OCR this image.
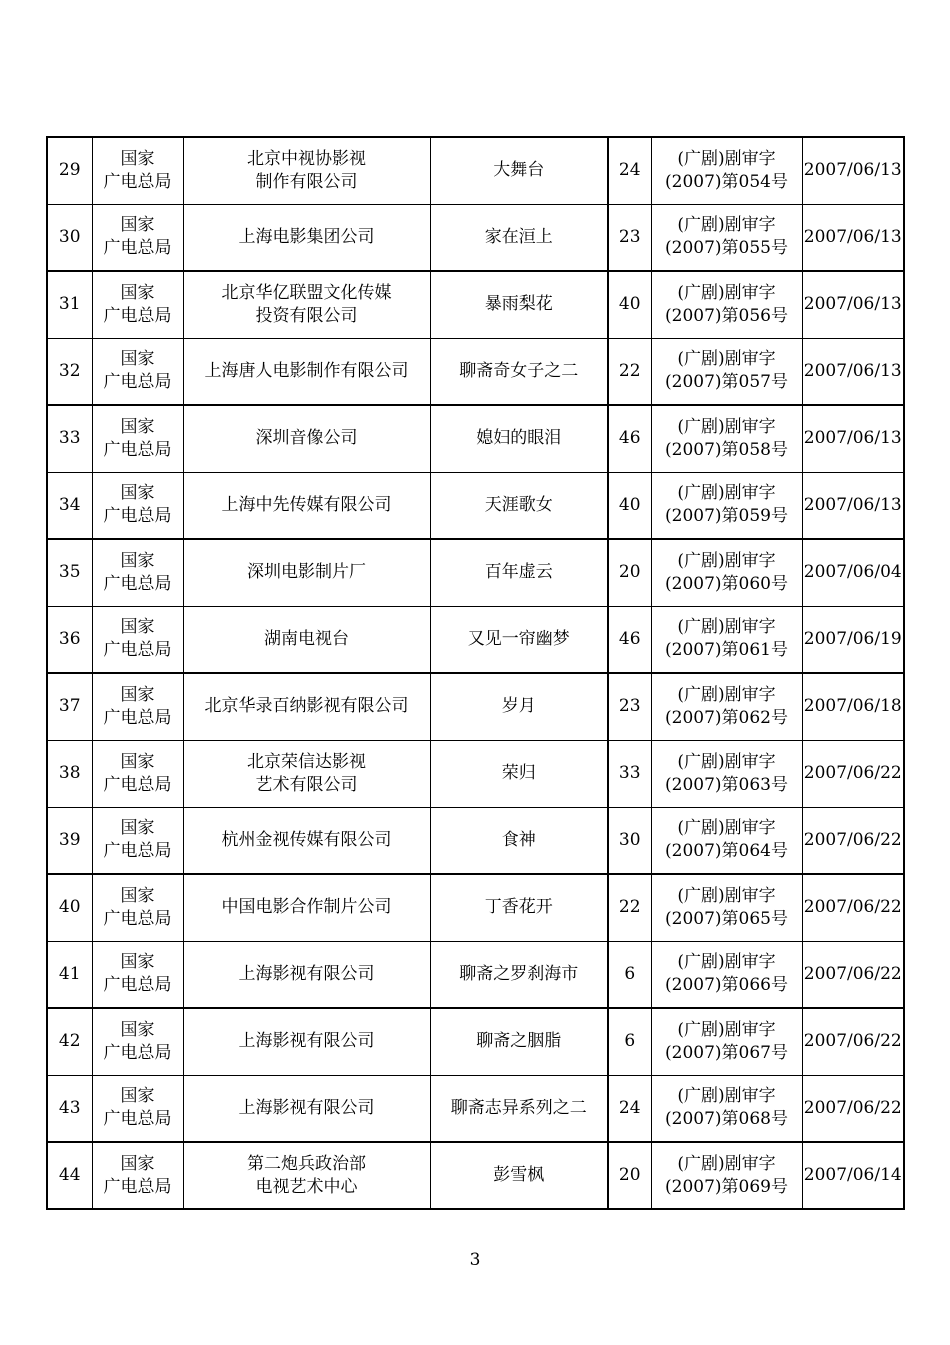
29	国家
广电总局	北京中视协影视
制作有限公司	大舞台	24	(广剧)剧审字
(2007)第054号	2007/06/13
30	国家
广电总局	上海电影集团公司	家在洹上	23	(广剧)剧审字
(2007)第055号	2007/06/13
31	国家
广电总局	北京华亿联盟文化传媒
投资有限公司	暴雨梨花	40	(广剧)剧审字
(2007)第056号	2007/06/13
32	国家
广电总局	上海唐人电影制作有限公司	聊斋奇女子之二	22	(广剧)剧审字
(2007)第057号	2007/06/13
33	国家
广电总局	深圳音像公司	媳妇的眼泪	46	(广剧)剧审字
(2007)第058号	2007/06/13
34	国家
广电总局	上海中先传媒有限公司	天涯歌女	40	(广剧)剧审字
(2007)第059号	2007/06/13
35	国家
广电总局	深圳电影制片厂	百年虚云	20	(广剧)剧审字
(2007)第060号	2007/06/04
36	国家
广电总局	湖南电视台	又见一帘幽梦	46	(广剧)剧审字
(2007)第061号	2007/06/19
37	国家
广电总局	北京华录百纳影视有限公司	岁月	23	(广剧)剧审字
(2007)第062号	2007/06/18
38	国家
广电总局	北京荣信达影视
艺术有限公司	荣归	33	(广剧)剧审字
(2007)第063号	2007/06/22
39	国家
广电总局	杭州金视传媒有限公司	食神	30	(广剧)剧审字
(2007)第064号	2007/06/22
40	国家
广电总局	中国电影合作制片公司	丁香花开	22	(广剧)剧审字
(2007)第065号	2007/06/22
41	国家
广电总局	上海影视有限公司	聊斋之罗刹海市	6	(广剧)剧审字
(2007)第066号	2007/06/22
42	国家
广电总局	上海影视有限公司	聊斋之胭脂	6	(广剧)剧审字
(2007)第067号	2007/06/22
43	国家
广电总局	上海影视有限公司	聊斋志异系列之二	24	(广剧)剧审字
(2007)第068号	2007/06/22
44	国家
广电总局	第二炮兵政治部
电视艺术中心	彭雪枫	20	(广剧)剧审字
(2007)第069号	2007/06/14
3
